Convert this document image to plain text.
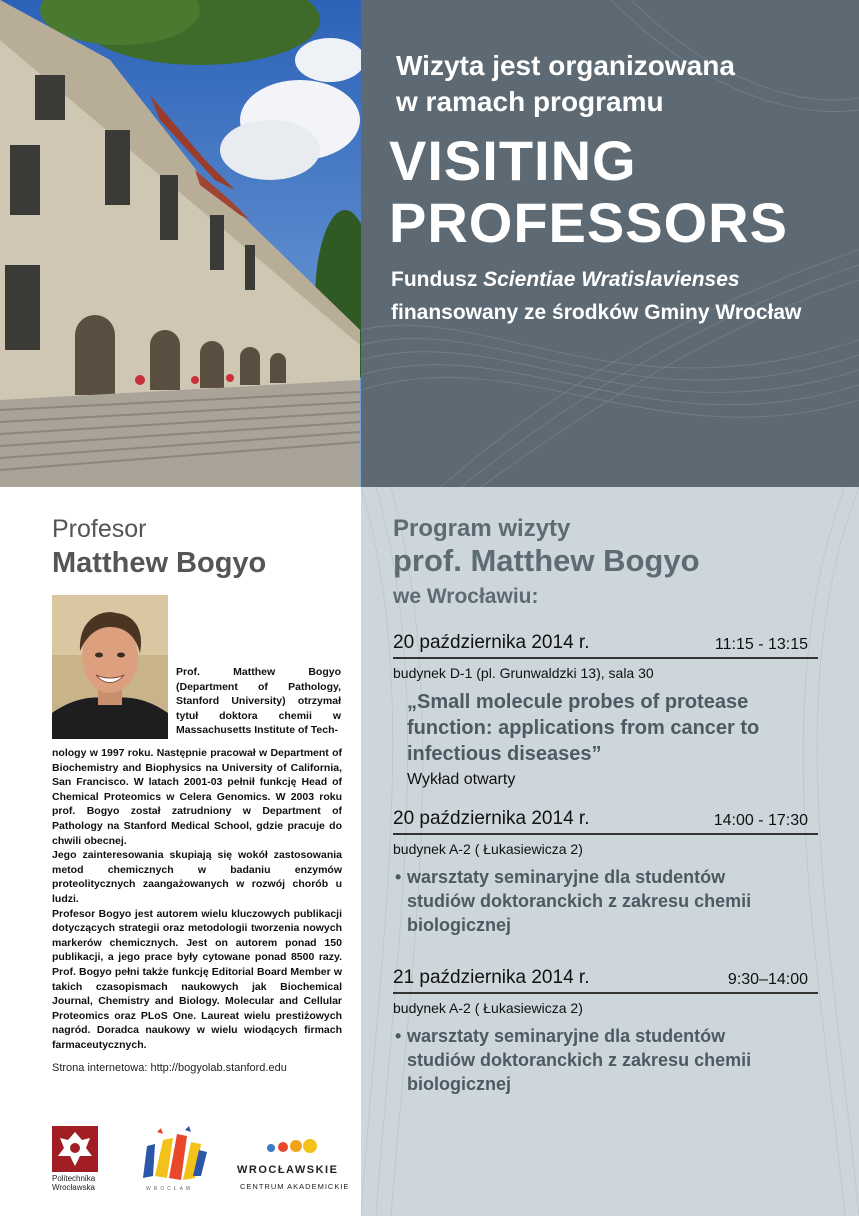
Wizyta jest organizowana
w ramach programu
VISITING
PROFESSORS
Fundusz Scientiae Wratislavienses
finansowany ze środków Gminy Wrocław
Profesor
Matthew Bogyo
Prof. Matthew Bogyo (Department of Pathology, Stanford University) otrzymał tytuł doktora chemii w Massachusetts Institute of Tech-

nology w 1997 roku. Następnie pracował w Department of Biochemistry and Biophysics na University of California, San Francisco. W latach 2001-03 pełnił funkcję Head of Chemical Proteomics w Celera Genomics. W 2003 roku prof. Bogyo został zatrudniony w Department of Pathology na Stanford Medical School, gdzie pracuje do chwili obecnej.

Jego zainteresowania skupiają się wokół zastosowania metod chemicznych w badaniu enzymów proteolitycznych zaangażowanych w rozwój chorób u ludzi.

Profesor Bogyo jest autorem wielu kluczowych publikacji dotyczących strategii oraz metodologii tworzenia nowych markerów chemicznych. Jest on autorem ponad 150 publikacji, a jego prace były cytowane ponad 8500 razy. Prof. Bogyo pełni także funkcję Editorial Board Member w takich czasopismach naukowych jak Biochemical Journal, Chemistry and Biology. Molecular and Cellular Proteomics oraz PLoS One. Laureat wielu prestiżowych nagród. Doradca naukowy w wielu wiodących firmach farmaceutycznych.

Strona internetowa: http://bogyolab.stanford.edu
Politechnika
Wrocławska	WROCŁAW
WROCŁAWSKIE
CENTRUM AKADEMICKIE
Program wizyty
prof. Matthew Bogyo
we Wrocławiu:
20 października 2014 r.	11:15 - 13:15
budynek D-1 (pl. Grunwaldzki 13), sala 30
„Small molecule probes of protease function: applications from cancer to infectious diseases”
Wykład otwarty
20 października 2014 r.	14:00 - 17:30
budynek A-2 ( Łukasiewicza 2)
• warsztaty seminaryjne dla studentów studiów doktoranckich z zakresu chemii biologicznej
21 października 2014 r.	9:30–14:00
budynek A-2 ( Łukasiewicza 2)
• warsztaty seminaryjne dla studentów studiów doktoranckich z zakresu chemii biologicznej
